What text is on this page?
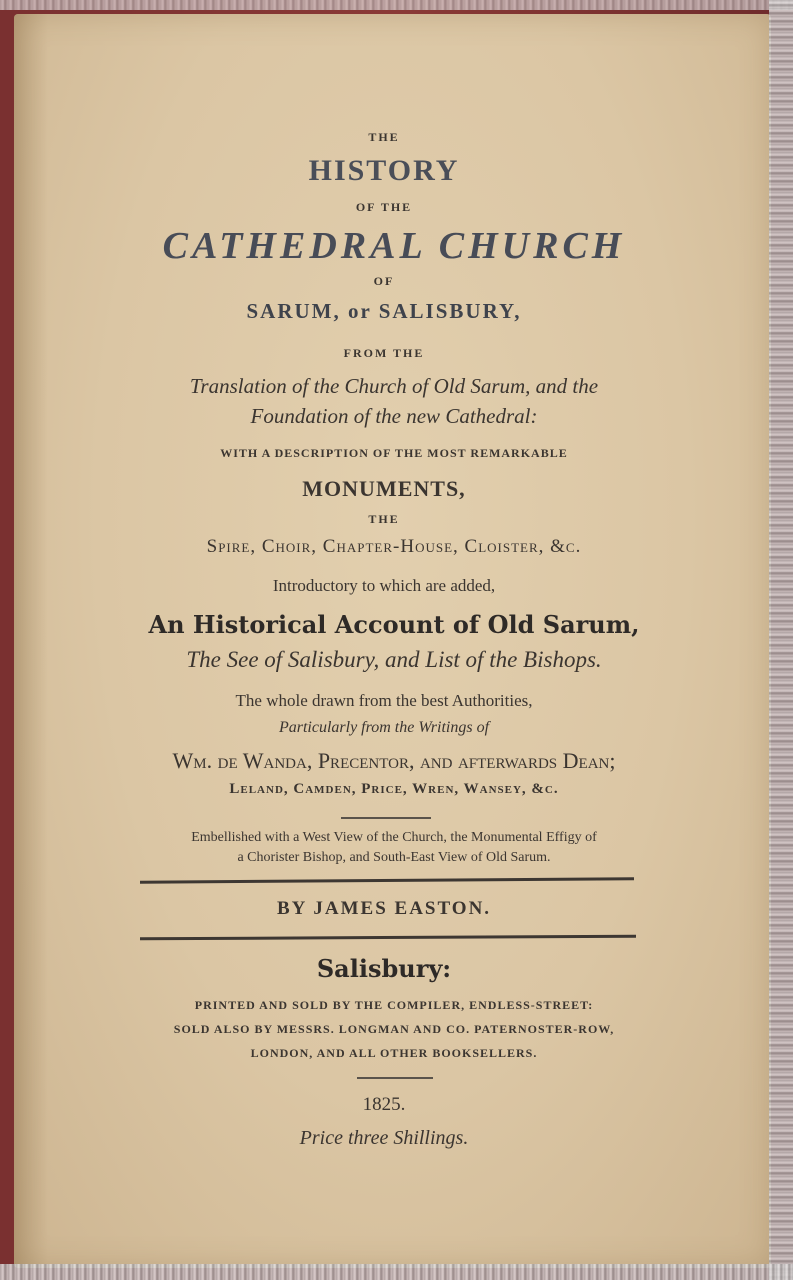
THE
HISTORY
OF THE
CATHEDRAL CHURCH
OF
SARUM, or SALISBURY,
FROM THE
Translation of the Church of Old Sarum, and the
Foundation of the new Cathedral:
WITH A DESCRIPTION OF THE MOST REMARKABLE
MONUMENTS,
THE
Spire, Choir, Chapter-House, Cloister, &c.
Introductory to which are added,
An Historical Account of Old Sarum,
The See of Salisbury, and List of the Bishops.
The whole drawn from the best Authorities,
Particularly from the Writings of
Wm. de Wanda, Precentor, and afterwards Dean;
Leland, Camden, Price, Wren, Wansey, &c.
Embellished with a West View of the Church, the Monumental Effigy of
a Chorister Bishop, and South-East View of Old Sarum.
BY JAMES EASTON.
Salisbury:
PRINTED AND SOLD BY THE COMPILER, ENDLESS-STREET:
SOLD ALSO BY MESSRS. LONGMAN AND CO. PATERNOSTER-ROW,
LONDON, AND ALL OTHER BOOKSELLERS.
1825.
Price three Shillings.
